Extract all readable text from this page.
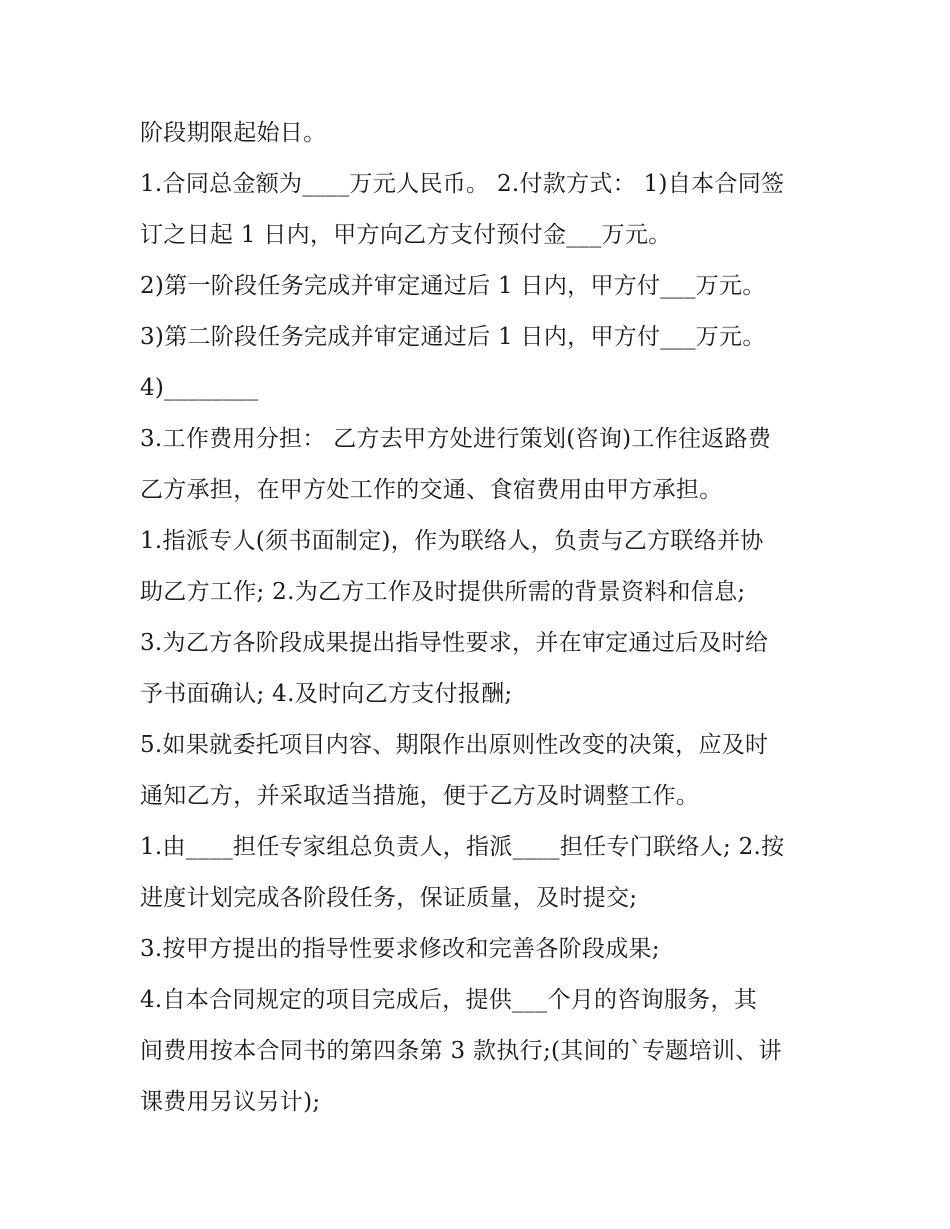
阶段期限起始日。
1.合同总金额为____万元人民币。 2.付款方式： 1)自本合同签
订之日起 1 日内，甲方向乙方支付预付金___万元。
2)第一阶段任务完成并审定通过后 1 日内，甲方付___万元。
3)第二阶段任务完成并审定通过后 1 日内，甲方付___万元。
4)________
3.工作费用分担： 乙方去甲方处进行策划(咨询)工作往返路费
乙方承担，在甲方处工作的交通、食宿费用由甲方承担。
1.指派专人(须书面制定)，作为联络人，负责与乙方联络并协
助乙方工作; 2.为乙方工作及时提供所需的背景资料和信息;
3.为乙方各阶段成果提出指导性要求，并在审定通过后及时给
予书面确认; 4.及时向乙方支付报酬;
5.如果就委托项目内容、期限作出原则性改变的决策，应及时
通知乙方，并采取适当措施，便于乙方及时调整工作。
1.由____担任专家组总负责人，指派____担任专门联络人; 2.按
进度计划完成各阶段任务，保证质量，及时提交;
3.按甲方提出的指导性要求修改和完善各阶段成果;
4.自本合同规定的项目完成后，提供___个月的咨询服务，其
间费用按本合同书的第四条第 3 款执行;(其间的`专题培训、讲
课费用另议另计);
